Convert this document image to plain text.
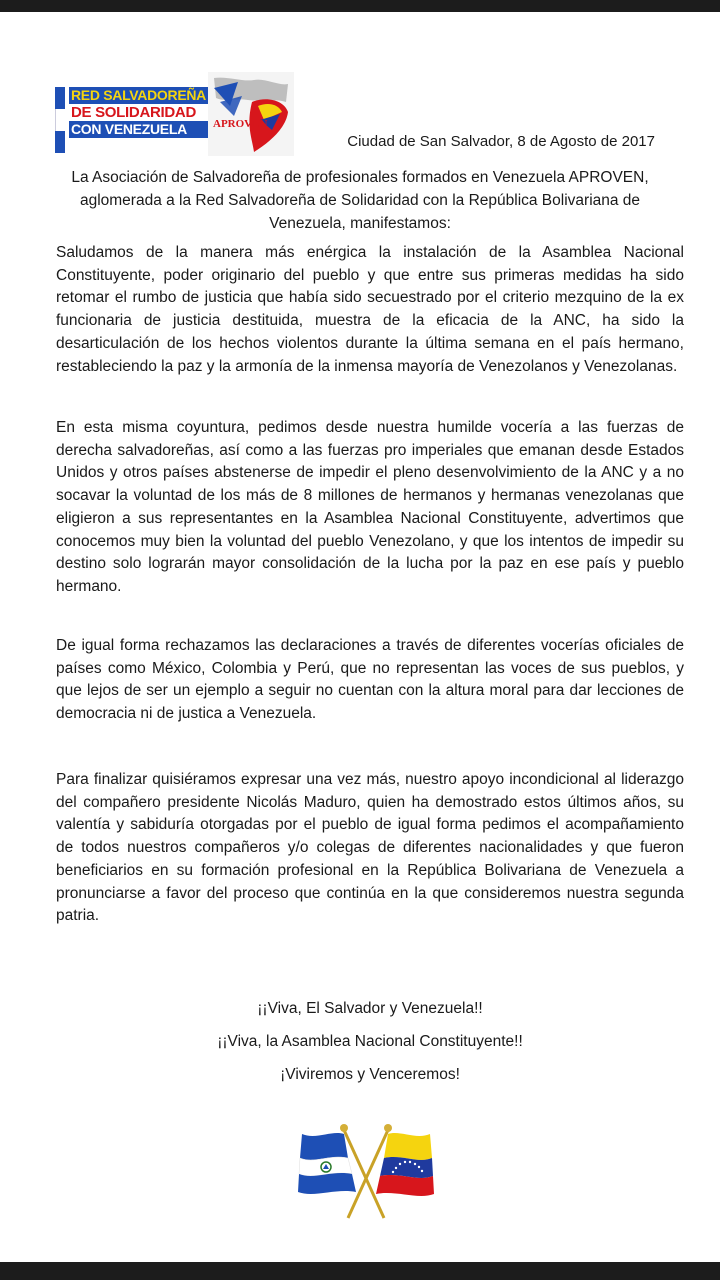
RED SALVADOREÑA
DE SOLIDARIDAD
CON VENEZUELA	APROVEN
Ciudad de San Salvador, 8 de Agosto de 2017
La Asociación de Salvadoreña de profesionales formados en Venezuela APROVEN, aglomerada a la Red Salvadoreña de Solidaridad con la República Bolivariana de Venezuela, manifestamos:
Saludamos de la manera más enérgica la instalación de la Asamblea Nacional Constituyente, poder originario del pueblo y que entre sus primeras medidas ha sido retomar el rumbo de justicia que había sido secuestrado por el criterio mezquino de la ex funcionaria de justicia destituida, muestra de la eficacia de la ANC, ha sido la desarticulación de los hechos violentos durante la última semana en el país hermano, restableciendo la paz y la armonía de la inmensa mayoría de Venezolanos y Venezolanas.
En esta misma coyuntura, pedimos desde nuestra humilde vocería a las fuerzas de derecha salvadoreñas, así como a las fuerzas pro imperiales que emanan desde Estados Unidos y otros países abstenerse de impedir el pleno desenvolvimiento de la ANC y a no socavar la voluntad de los más de 8 millones de hermanos y hermanas venezolanas que eligieron a sus representantes en la Asamblea Nacional Constituyente, advertimos que conocemos muy bien la voluntad del pueblo Venezolano, y que los intentos de impedir su destino solo lograrán mayor consolidación de la lucha por la paz en ese país y pueblo hermano.
De igual forma rechazamos las declaraciones a través de diferentes vocerías oficiales de países como México, Colombia y Perú, que no representan las voces de sus pueblos, y que lejos de ser un ejemplo a seguir no cuentan con la altura moral para dar lecciones de democracia ni de justica a Venezuela.
Para finalizar quisiéramos expresar una vez más, nuestro apoyo incondicional al liderazgo del compañero presidente Nicolás Maduro, quien ha demostrado estos últimos años, su valentía y sabiduría otorgadas por el pueblo de igual forma pedimos el acompañamiento de todos nuestros compañeros y/o colegas de diferentes nacionalidades y que fueron beneficiarios en su formación profesional en la República Bolivariana de Venezuela a pronunciarse a favor del proceso que continúa en la que consideremos nuestra segunda patria.
¡¡Viva, El Salvador y Venezuela!!
¡¡Viva, la Asamblea Nacional Constituyente!!
¡Viviremos y Venceremos!
